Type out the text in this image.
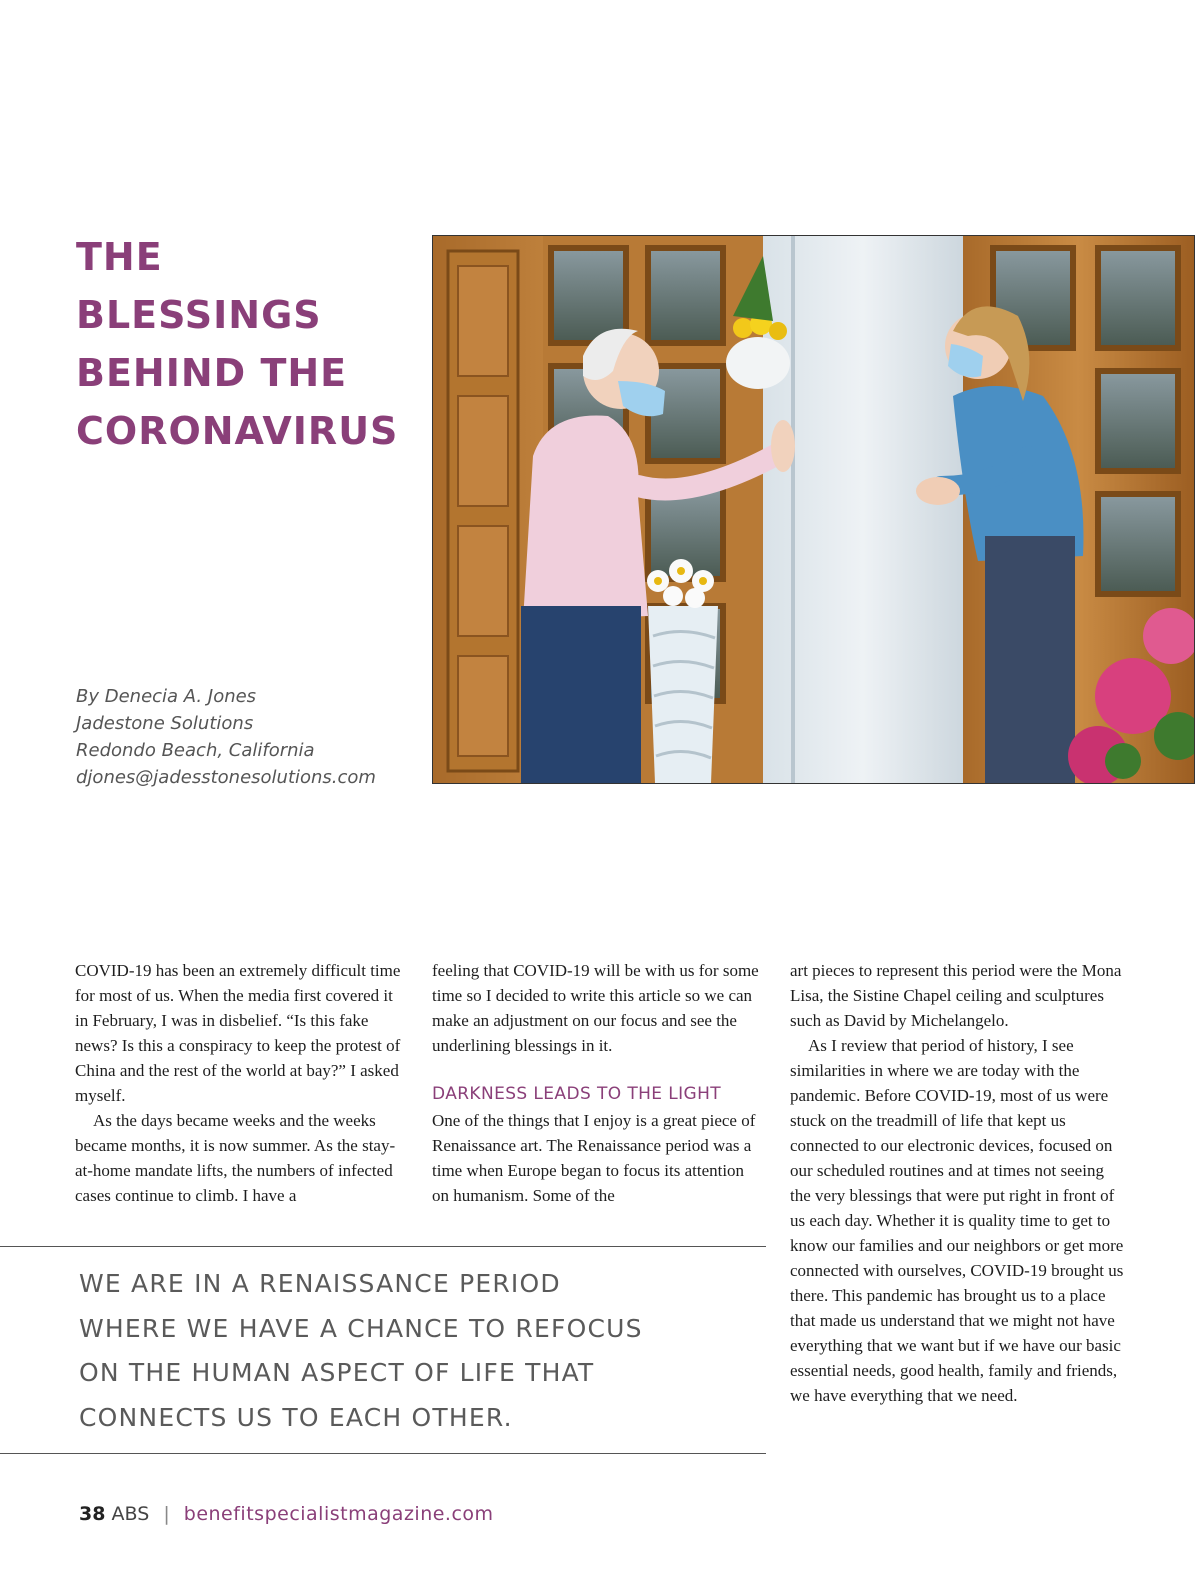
THE
BLESSINGS
BEHIND THE
CORONAVIRUS
By Denecia A. Jones
Jadestone Solutions
Redondo Beach, California
djones@jadesstonesolutions.com

COVID-19 has been an extremely difficult time for most of us. When the media first covered it in February, I was in disbelief. “Is this fake news? Is this a conspiracy to keep the protest of China and the rest of the world at bay?” I asked myself.

As the days became weeks and the weeks became months, it is now summer. As the stay-at-home mandate lifts, the numbers of infected cases continue to climb. I have a

feeling that COVID-19 will be with us for some time so I decided to write this article so we can make an adjustment on our focus and see the underlining blessings in it.

DARKNESS LEADS TO THE LIGHT

One of the things that I enjoy is a great piece of Renaissance art. The Renaissance period was a time when Europe began to focus its attention on humanism. Some of the

art pieces to represent this period were the Mona Lisa, the Sistine Chapel ceiling and sculptures such as David by Michelangelo.

As I review that period of history, I see similarities in where we are today with the pandemic. Before COVID-19, most of us were stuck on the treadmill of life that kept us connected to our electronic devices, focused on our scheduled routines and at times not seeing the very blessings that were put right in front of us each day. Whether it is quality time to get to know our families and our neighbors or get more connected with ourselves, COVID-19 brought us there. This pandemic has brought us to a place that made us understand that we might not have everything that we want but if we have our basic essential needs, good health, family and friends, we have everything that we need.

WE ARE IN A RENAISSANCE PERIOD
WHERE WE HAVE A CHANCE TO REFOCUS
ON THE HUMAN ASPECT OF LIFE THAT
CONNECTS US TO EACH OTHER.
38 ABS | benefitspecialistmagazine.com
